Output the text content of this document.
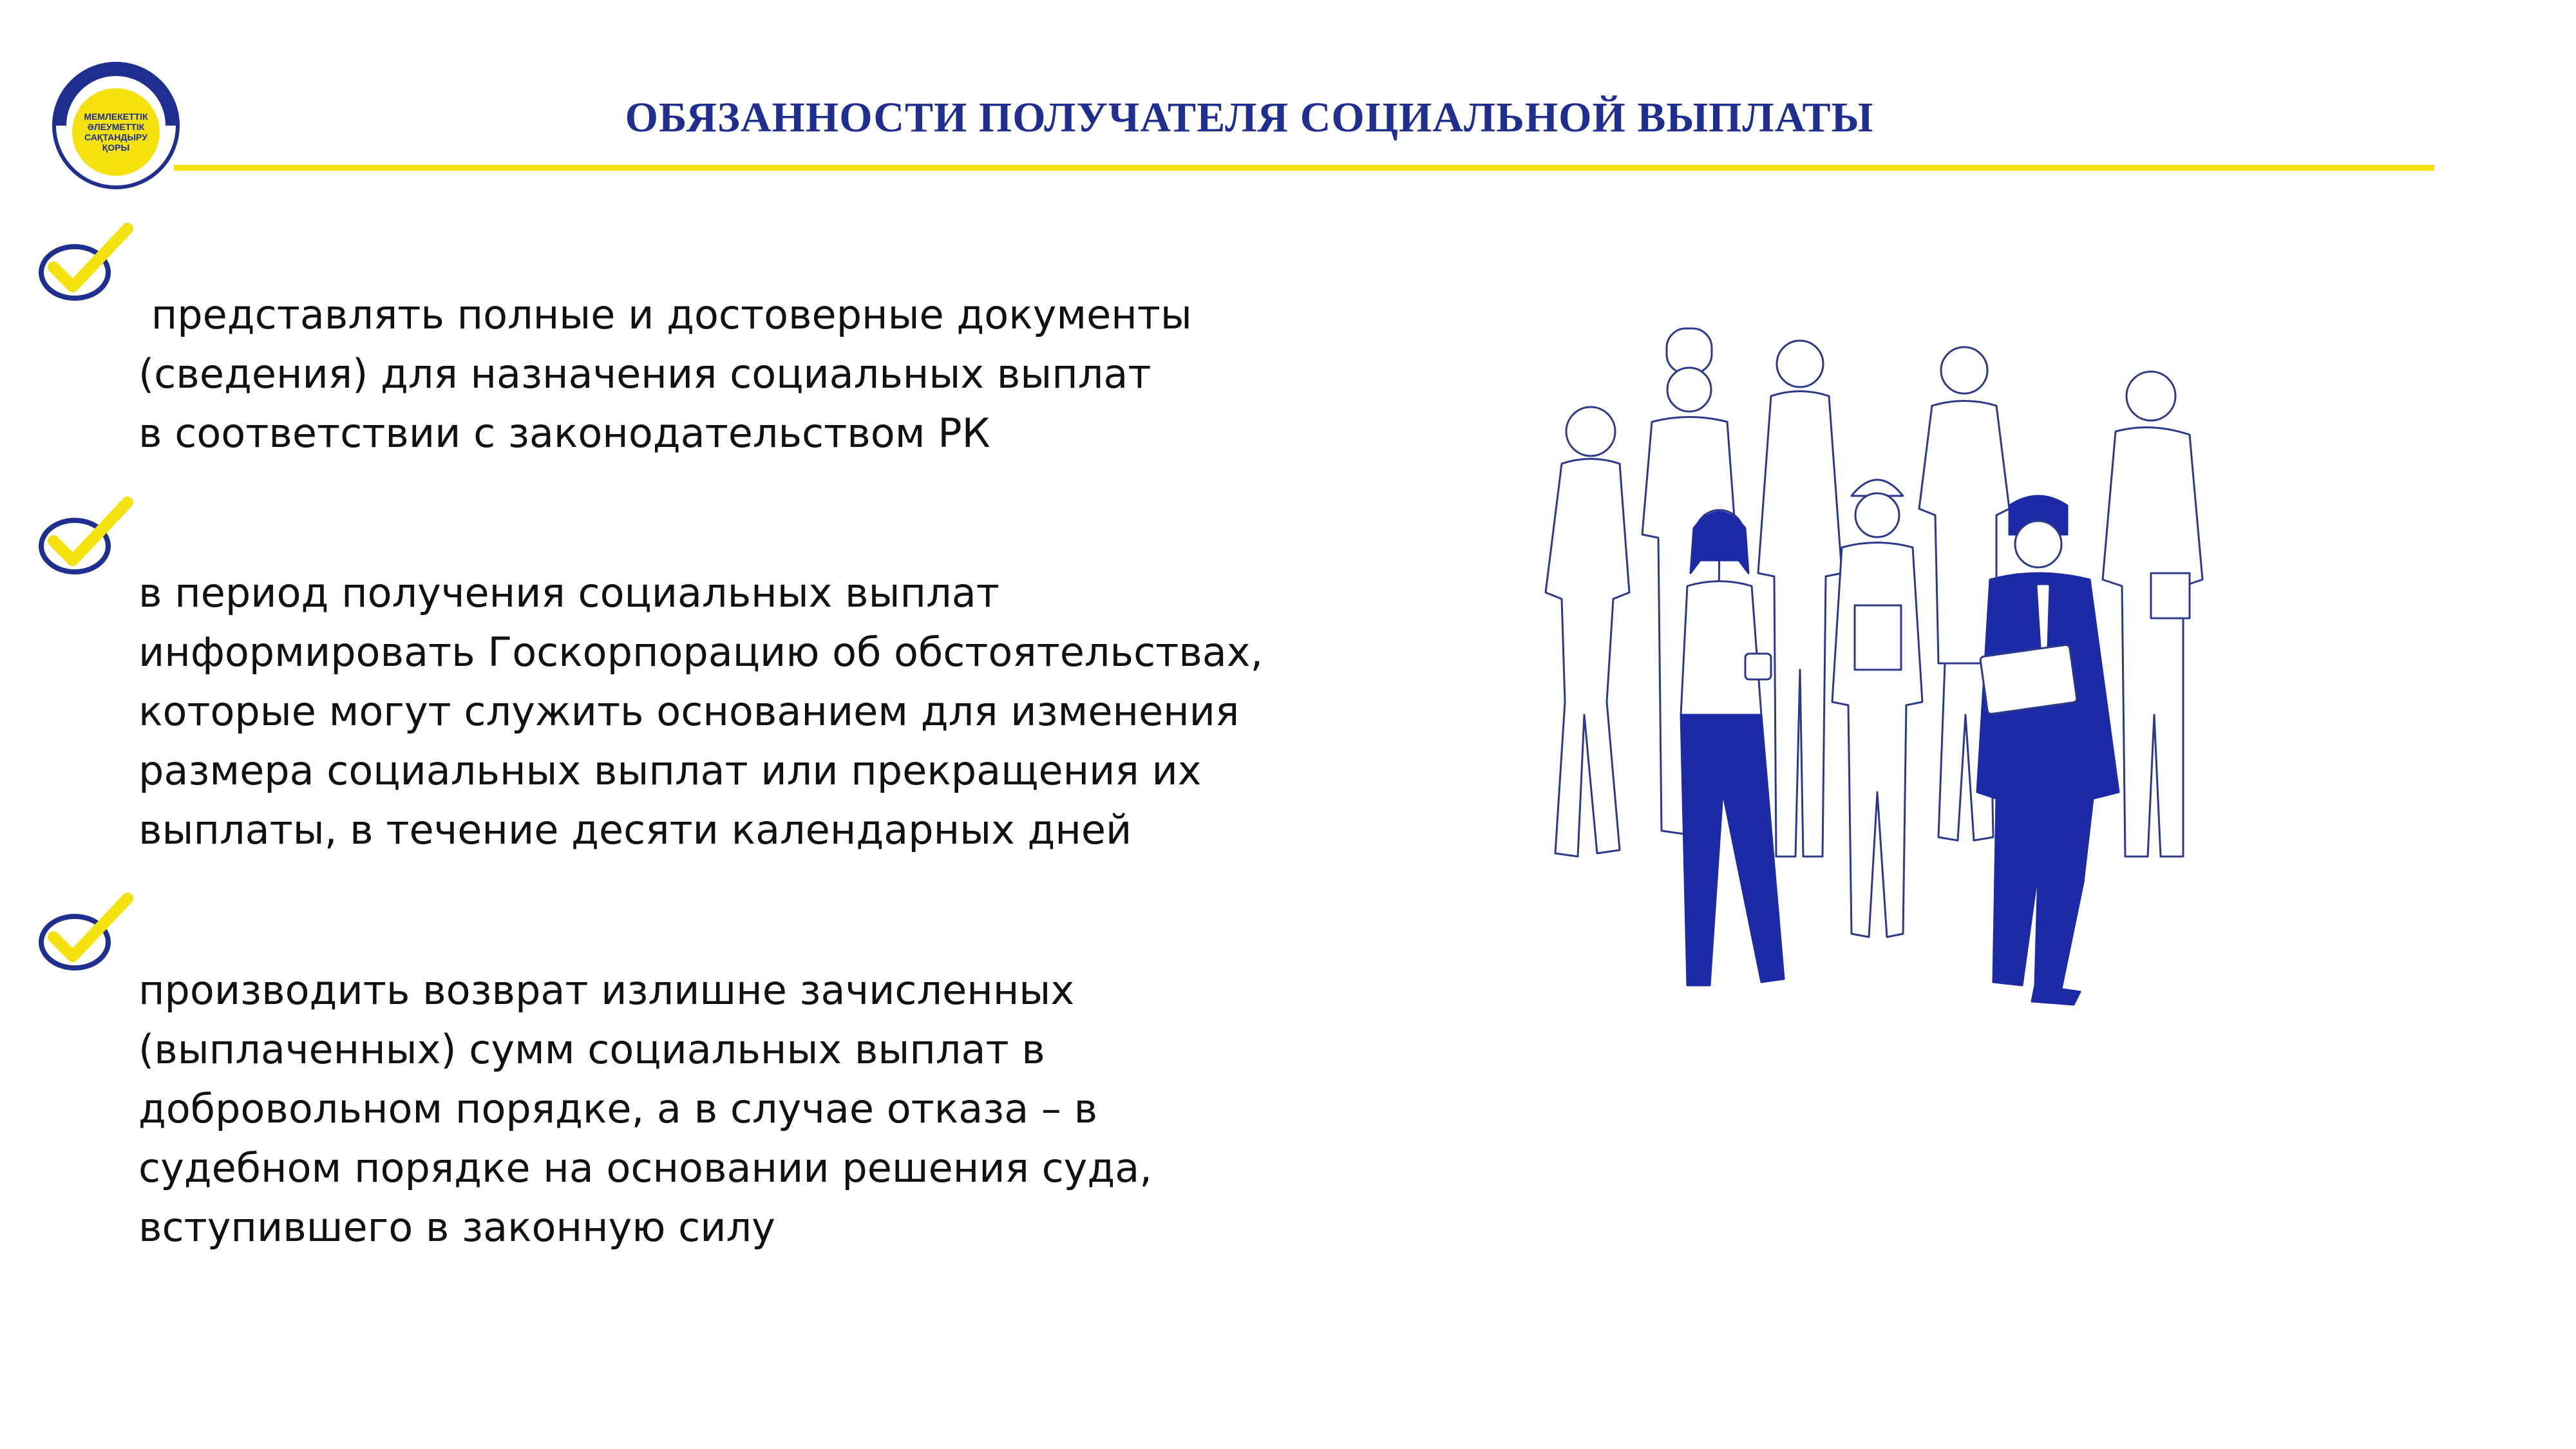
МЕМЛЕКЕТТІК
ӘЛЕУМЕТТІК
САҚТАНДЫРУ
ҚОРЫ
ОБЯЗАННОСТИ ПОЛУЧАТЕЛЯ СОЦИАЛЬНОЙ ВЫПЛАТЫ
представлять полные и достоверные документы
(сведения) для назначения социальных выплат
в соответствии с законодательством РК
в период получения социальных выплат
информировать Госкорпорацию об обстоятельствах,
которые могут служить основанием для изменения
размера социальных выплат или прекращения их
выплаты, в течение десяти календарных дней
производить возврат излишне зачисленных
(выплаченных) сумм социальных выплат в
добровольном порядке, а в случае отказа – в
судебном порядке на основании решения суда,
вступившего в законную силу
